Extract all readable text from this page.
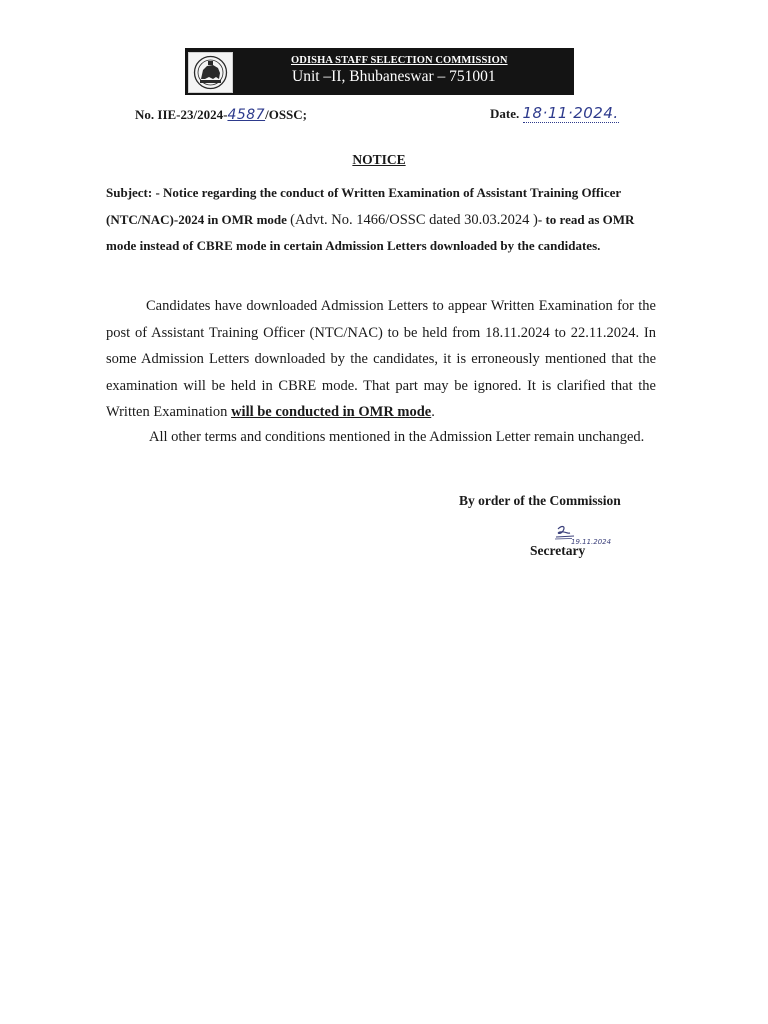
ODISHA STAFF SELECTION COMMISSION
Unit –II, Bhubaneswar – 751001
No. IIE-23/2024-4587/OSSC;	Date. 18·11·2024.
NOTICE
Subject: - Notice regarding the conduct of Written Examination of Assistant Training Officer (NTC/NAC)-2024 in OMR mode (Advt. No. 1466/OSSC dated 30.03.2024 )- to read as OMR mode instead of CBRE mode in certain Admission Letters downloaded by the candidates.

Candidates have downloaded Admission Letters to appear Written Examination for the post of Assistant Training Officer (NTC/NAC) to be held from 18.11.2024 to 22.11.2024. In some Admission Letters downloaded by the candidates, it is erroneously mentioned that the examination will be held in CBRE mode. That part may be ignored. It is clarified that the Written Examination will be conducted in OMR mode.

All other terms and conditions mentioned in the Admission Letter remain unchanged.

By order of the Commission
19.11.2024
Secretary
